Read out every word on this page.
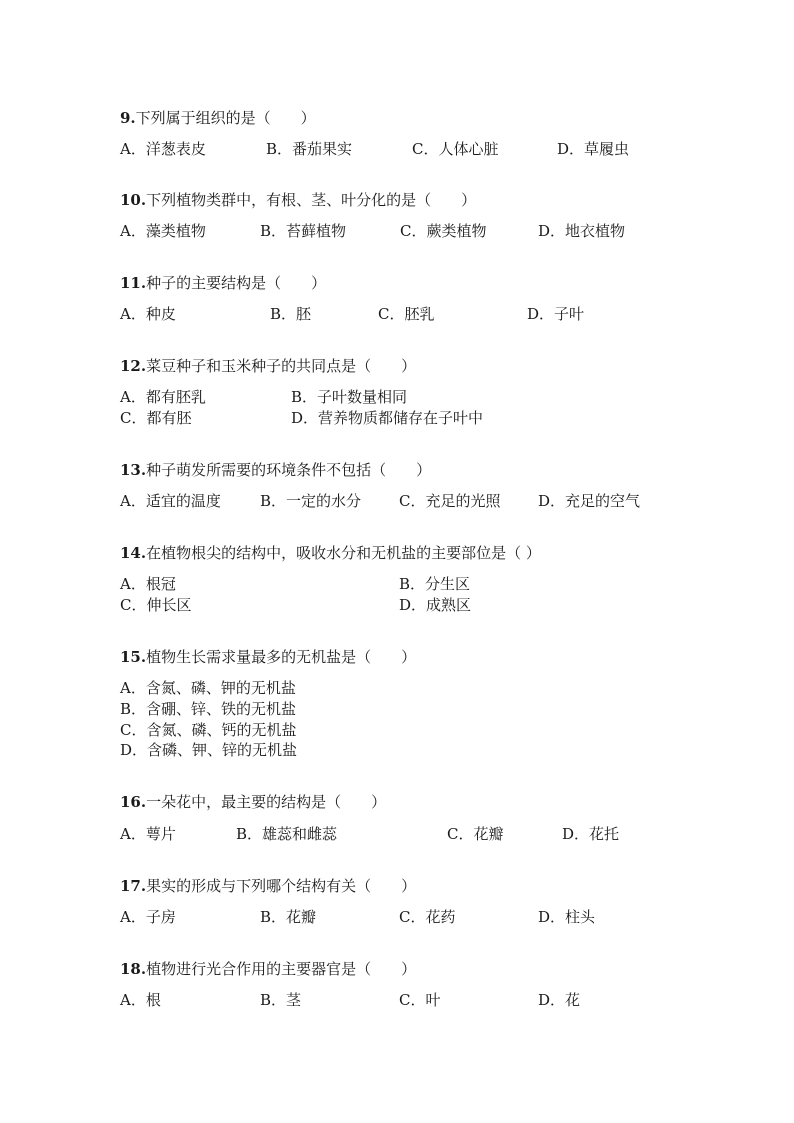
9.下列属于组织的是（　　）
A．洋葱表皮	B．番茄果实	C．人体心脏	D．草履虫
10.下列植物类群中，有根、茎、叶分化的是（　　）
A．藻类植物	B．苔藓植物	C．蕨类植物	D．地衣植物
11.种子的主要结构是（　　）
A．种皮	B．胚	C．胚乳	D．子叶
12.菜豆种子和玉米种子的共同点是（　　）
A．都有胚乳	B．子叶数量相同
C．都有胚	D．营养物质都储存在子叶中
13.种子萌发所需要的环境条件不包括（　　）
A．适宜的温度	B．一定的水分	C．充足的光照	D．充足的空气
14.在植物根尖的结构中，吸收水分和无机盐的主要部位是（ ）
A．根冠	B．分生区
C．伸长区	D．成熟区
15.植物生长需求量最多的无机盐是（　　）
A．含氮、磷、钾的无机盐
B．含硼、锌、铁的无机盐
C．含氮、磷、钙的无机盐
D．含磷、钾、锌的无机盐
16.一朵花中，最主要的结构是（　　）
A．萼片	B．雄蕊和雌蕊	C．花瓣	D．花托
17.果实的形成与下列哪个结构有关（　　）
A．子房	B．花瓣	C．花药	D．柱头
18.植物进行光合作用的主要器官是（　　）
A．根	B．茎	C．叶	D．花
